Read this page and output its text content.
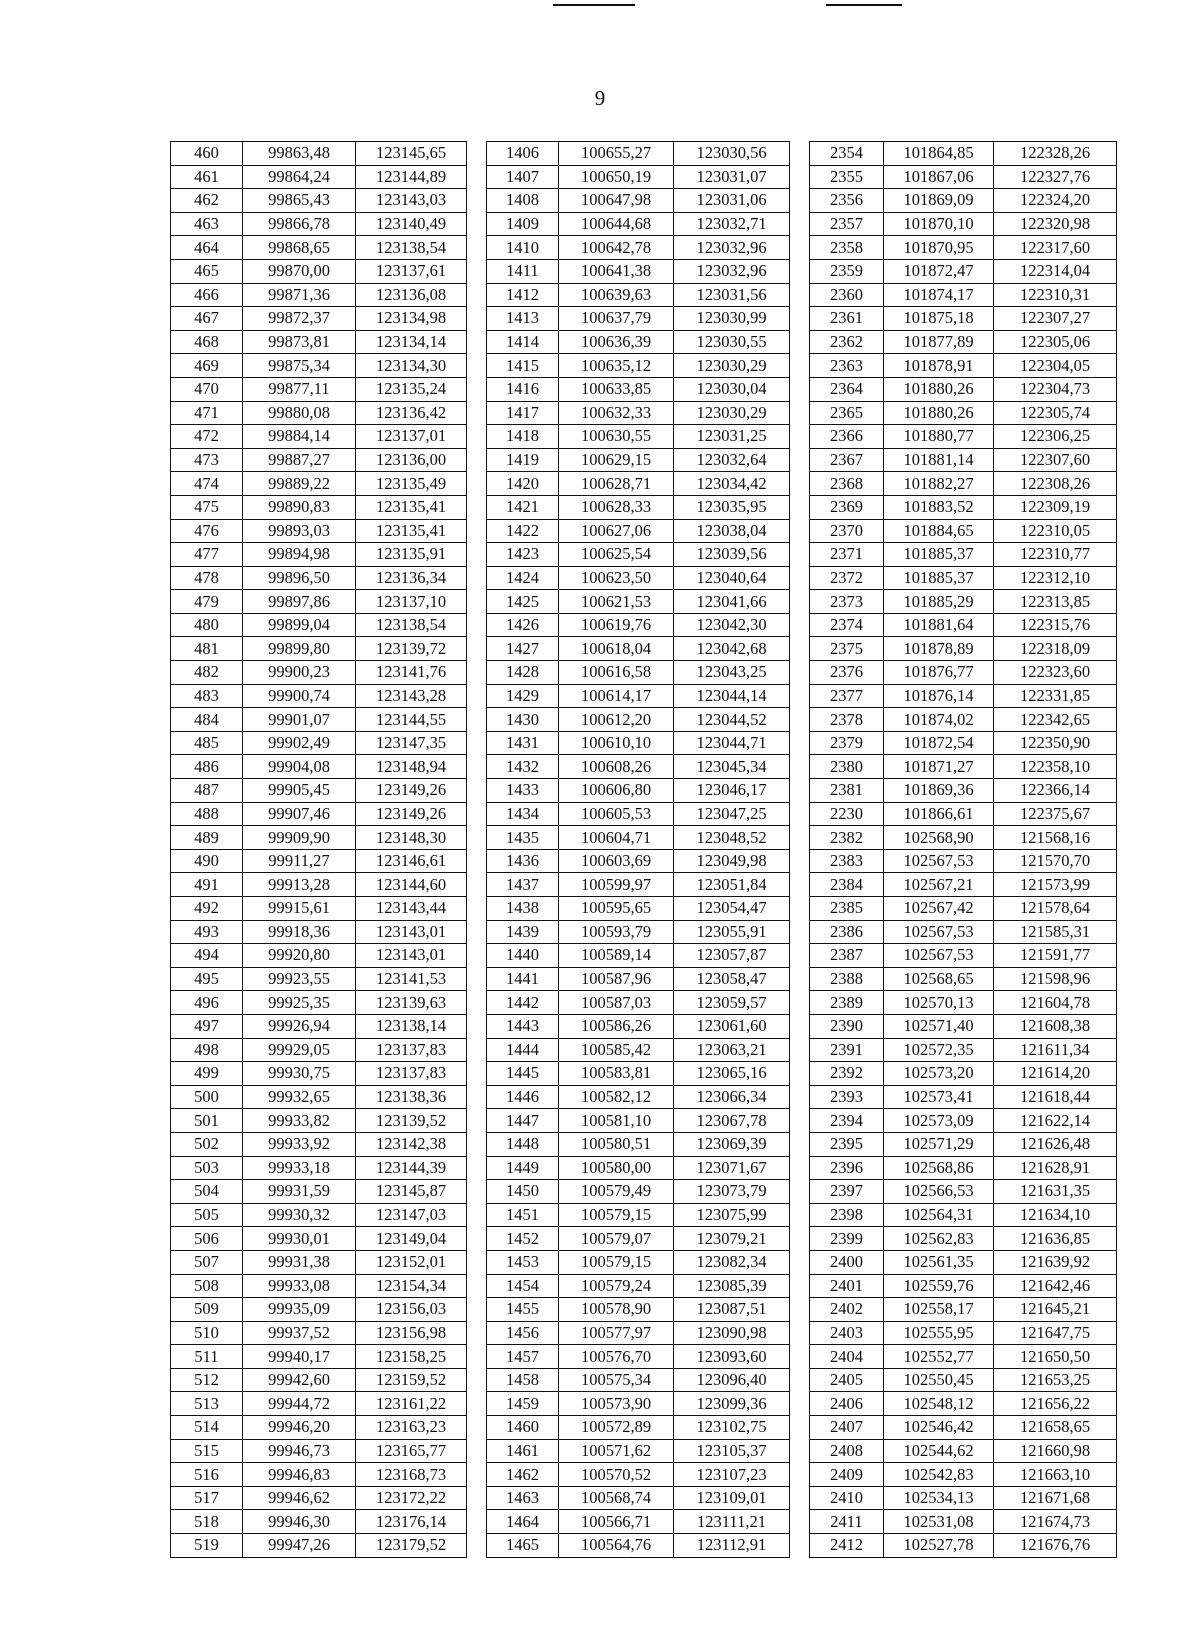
9
460	99863,48	123145,65		1406	100655,27	123030,56		2354	101864,85	122328,26
461	99864,24	123144,89		1407	100650,19	123031,07		2355	101867,06	122327,76
462	99865,43	123143,03		1408	100647,98	123031,06		2356	101869,09	122324,20
463	99866,78	123140,49		1409	100644,68	123032,71		2357	101870,10	122320,98
464	99868,65	123138,54		1410	100642,78	123032,96		2358	101870,95	122317,60
465	99870,00	123137,61		1411	100641,38	123032,96		2359	101872,47	122314,04
466	99871,36	123136,08		1412	100639,63	123031,56		2360	101874,17	122310,31
467	99872,37	123134,98		1413	100637,79	123030,99		2361	101875,18	122307,27
468	99873,81	123134,14		1414	100636,39	123030,55		2362	101877,89	122305,06
469	99875,34	123134,30		1415	100635,12	123030,29		2363	101878,91	122304,05
470	99877,11	123135,24		1416	100633,85	123030,04		2364	101880,26	122304,73
471	99880,08	123136,42		1417	100632,33	123030,29		2365	101880,26	122305,74
472	99884,14	123137,01		1418	100630,55	123031,25		2366	101880,77	122306,25
473	99887,27	123136,00		1419	100629,15	123032,64		2367	101881,14	122307,60
474	99889,22	123135,49		1420	100628,71	123034,42		2368	101882,27	122308,26
475	99890,83	123135,41		1421	100628,33	123035,95		2369	101883,52	122309,19
476	99893,03	123135,41		1422	100627,06	123038,04		2370	101884,65	122310,05
477	99894,98	123135,91		1423	100625,54	123039,56		2371	101885,37	122310,77
478	99896,50	123136,34		1424	100623,50	123040,64		2372	101885,37	122312,10
479	99897,86	123137,10		1425	100621,53	123041,66		2373	101885,29	122313,85
480	99899,04	123138,54		1426	100619,76	123042,30		2374	101881,64	122315,76
481	99899,80	123139,72		1427	100618,04	123042,68		2375	101878,89	122318,09
482	99900,23	123141,76		1428	100616,58	123043,25		2376	101876,77	122323,60
483	99900,74	123143,28		1429	100614,17	123044,14		2377	101876,14	122331,85
484	99901,07	123144,55		1430	100612,20	123044,52		2378	101874,02	122342,65
485	99902,49	123147,35		1431	100610,10	123044,71		2379	101872,54	122350,90
486	99904,08	123148,94		1432	100608,26	123045,34		2380	101871,27	122358,10
487	99905,45	123149,26		1433	100606,80	123046,17		2381	101869,36	122366,14
488	99907,46	123149,26		1434	100605,53	123047,25		2230	101866,61	122375,67
489	99909,90	123148,30		1435	100604,71	123048,52		2382	102568,90	121568,16
490	99911,27	123146,61		1436	100603,69	123049,98		2383	102567,53	121570,70
491	99913,28	123144,60		1437	100599,97	123051,84		2384	102567,21	121573,99
492	99915,61	123143,44		1438	100595,65	123054,47		2385	102567,42	121578,64
493	99918,36	123143,01		1439	100593,79	123055,91		2386	102567,53	121585,31
494	99920,80	123143,01		1440	100589,14	123057,87		2387	102567,53	121591,77
495	99923,55	123141,53		1441	100587,96	123058,47		2388	102568,65	121598,96
496	99925,35	123139,63		1442	100587,03	123059,57		2389	102570,13	121604,78
497	99926,94	123138,14		1443	100586,26	123061,60		2390	102571,40	121608,38
498	99929,05	123137,83		1444	100585,42	123063,21		2391	102572,35	121611,34
499	99930,75	123137,83		1445	100583,81	123065,16		2392	102573,20	121614,20
500	99932,65	123138,36		1446	100582,12	123066,34		2393	102573,41	121618,44
501	99933,82	123139,52		1447	100581,10	123067,78		2394	102573,09	121622,14
502	99933,92	123142,38		1448	100580,51	123069,39		2395	102571,29	121626,48
503	99933,18	123144,39		1449	100580,00	123071,67		2396	102568,86	121628,91
504	99931,59	123145,87		1450	100579,49	123073,79		2397	102566,53	121631,35
505	99930,32	123147,03		1451	100579,15	123075,99		2398	102564,31	121634,10
506	99930,01	123149,04		1452	100579,07	123079,21		2399	102562,83	121636,85
507	99931,38	123152,01		1453	100579,15	123082,34		2400	102561,35	121639,92
508	99933,08	123154,34		1454	100579,24	123085,39		2401	102559,76	121642,46
509	99935,09	123156,03		1455	100578,90	123087,51		2402	102558,17	121645,21
510	99937,52	123156,98		1456	100577,97	123090,98		2403	102555,95	121647,75
511	99940,17	123158,25		1457	100576,70	123093,60		2404	102552,77	121650,50
512	99942,60	123159,52		1458	100575,34	123096,40		2405	102550,45	121653,25
513	99944,72	123161,22		1459	100573,90	123099,36		2406	102548,12	121656,22
514	99946,20	123163,23		1460	100572,89	123102,75		2407	102546,42	121658,65
515	99946,73	123165,77		1461	100571,62	123105,37		2408	102544,62	121660,98
516	99946,83	123168,73		1462	100570,52	123107,23		2409	102542,83	121663,10
517	99946,62	123172,22		1463	100568,74	123109,01		2410	102534,13	121671,68
518	99946,30	123176,14		1464	100566,71	123111,21		2411	102531,08	121674,73
519	99947,26	123179,52		1465	100564,76	123112,91		2412	102527,78	121676,76
